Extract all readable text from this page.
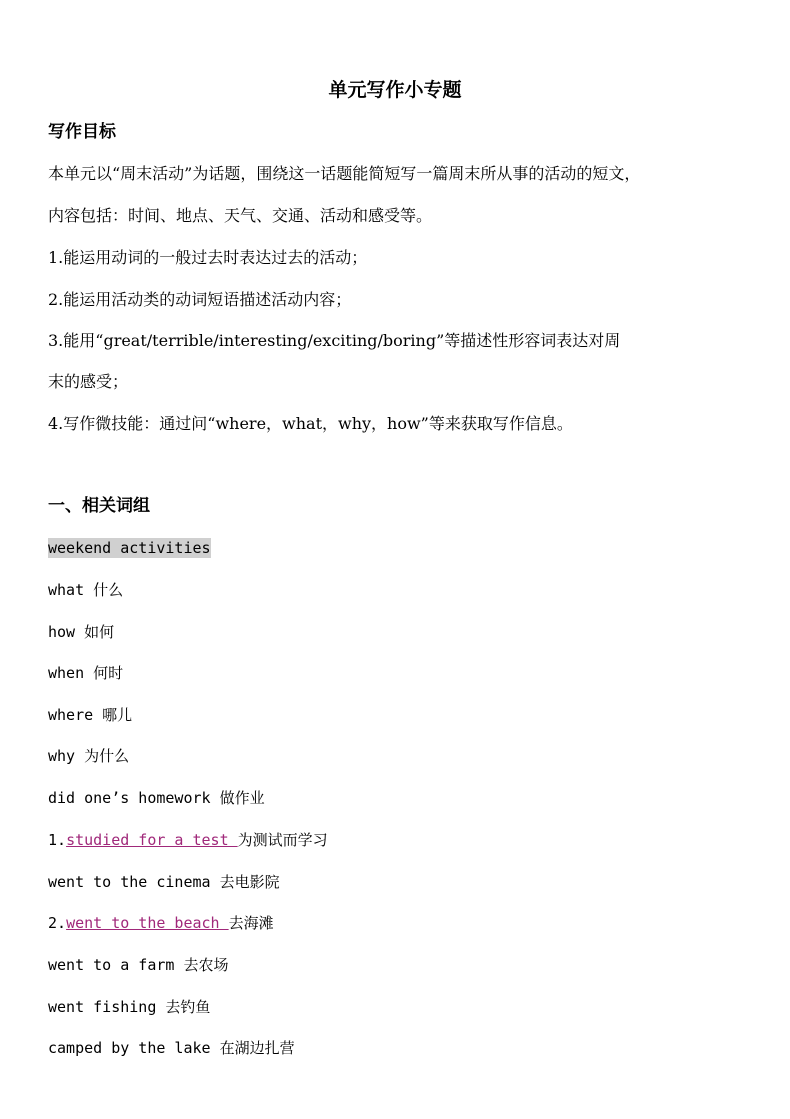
单元写作小专题
写作目标
本单元以“周末活动”为话题，围绕这一话题能简短写一篇周末所从事的活动的短文，
内容包括：时间、地点、天气、交通、活动和感受等。
1.能运用动词的一般过去时表达过去的活动；
2.能运用活动类的动词短语描述活动内容；
3.能用“great/terrible/interesting/exciting/boring”等描述性形容词表达对周
末的感受；
4.写作微技能：通过问“where，what，why，how”等来获取写作信息。
一、相关词组
weekend activities
what 什么
how 如何
when 何时
where 哪儿
why 为什么
did one’s homework 做作业
1.studied for a test 为测试而学习
went to the cinema 去电影院
2.went to the beach 去海滩
went to a farm 去农场
went fishing 去钓鱼
camped by the lake 在湖边扎营
